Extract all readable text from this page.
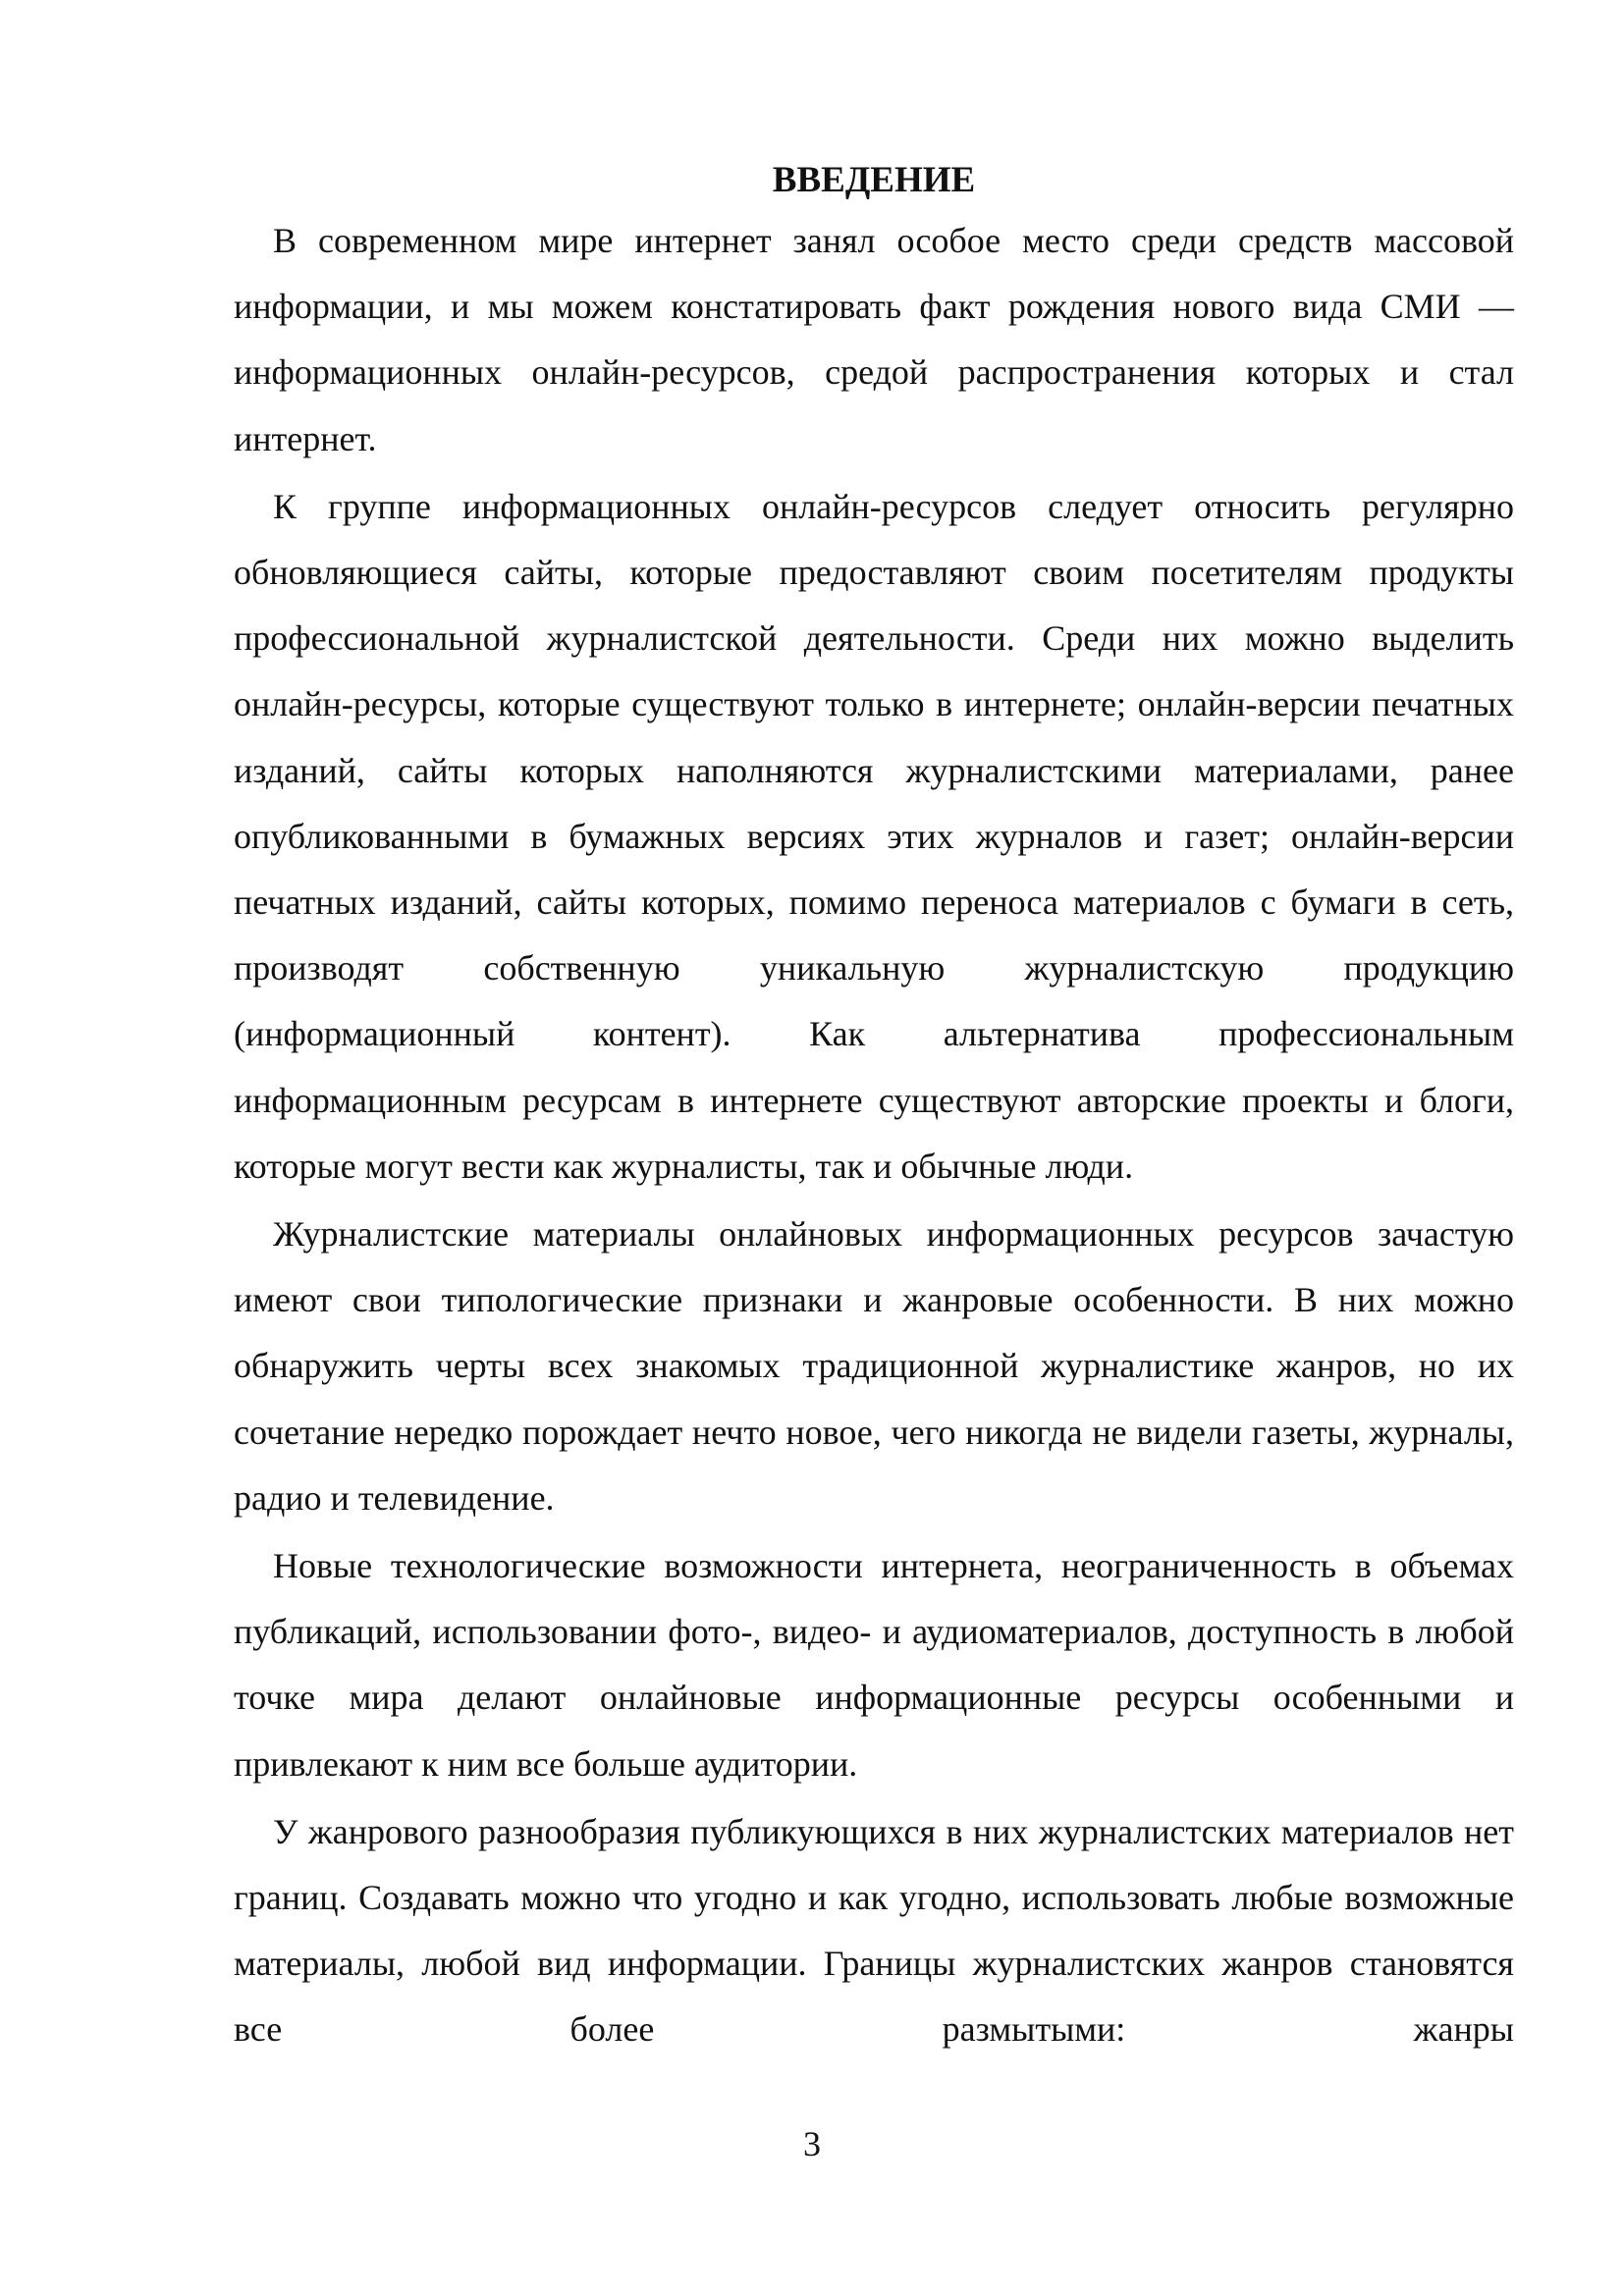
ВВЕДЕНИЕ

В современном мире интернет занял особое место среди средств массовой информации, и мы можем констатировать факт рождения нового вида СМИ — информационных онлайн-ресурсов, средой распространения которых и стал интернет.

К группе информационных онлайн-ресурсов следует относить регулярно обновляющиеся сайты, которые предоставляют своим посетителям продукты профессиональной журналистской деятельности. Среди них можно выделить онлайн-ресурсы, которые существуют только в интернете; онлайн-версии печатных изданий, сайты которых наполняются журналистскими материалами, ранее опубликованными в бумажных версиях этих журналов и газет; онлайн-версии печатных изданий, сайты которых, помимо переноса материалов с бумаги в сеть, производят собственную уникальную журналистскую продукцию (информационный контент). Как альтернатива профессиональным информационным ресурсам в интернете существуют авторские проекты и блоги, которые могут вести как журналисты, так и обычные люди.

Журналистские материалы онлайновых информационных ресурсов зачастую имеют свои типологические признаки и жанровые особенности. В них можно обнаружить черты всех знакомых традиционной журналистике жанров, но их сочетание нередко порождает нечто новое, чего никогда не видели газеты, журналы, радио и телевидение.

Новые технологические возможности интернета, неограниченность в объемах публикаций, использовании фото-, видео- и аудиоматериалов, доступность в любой точке мира делают онлайновые информационные ресурсы особенными и привлекают к ним все больше аудитории.

У жанрового разнообразия публикующихся в них журналистских материалов нет границ. Создавать можно что угодно и как угодно, использовать любые возможные материалы, любой вид информации. Границы журналистских жанров становятся все более размытыми: жанры

3
